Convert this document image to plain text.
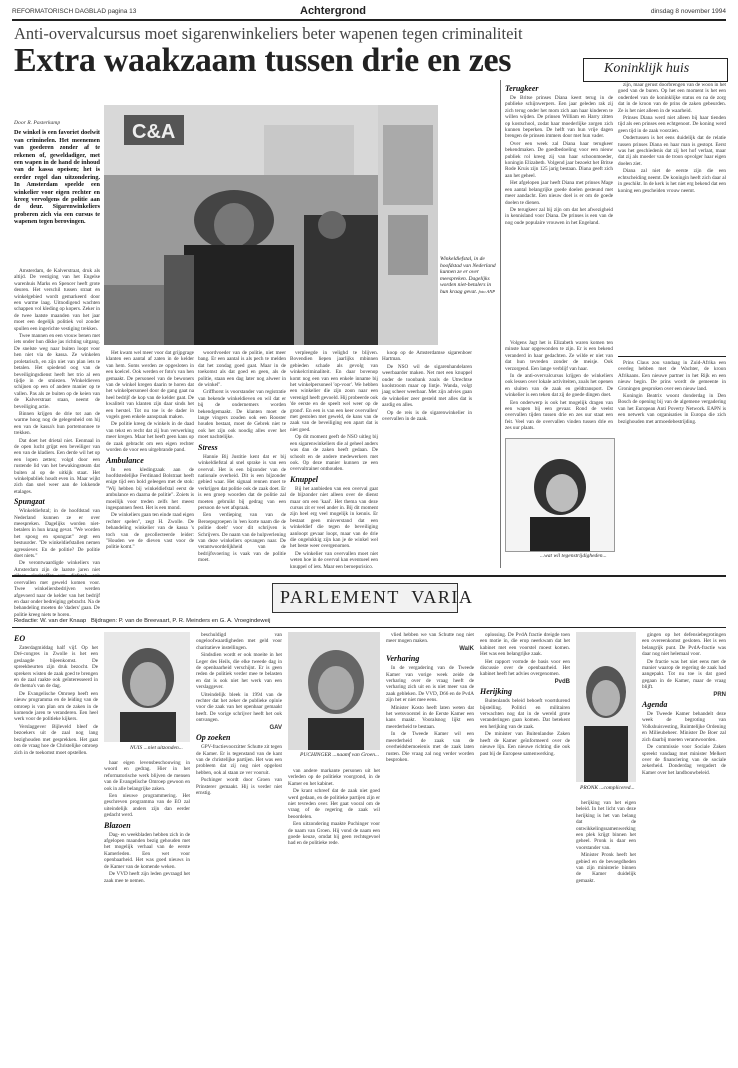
REFORMATORISCH DAGBLAD pagina 13	Achtergrond	dinsdag 8 november 1994
Anti-overvalcursus moet sigarenwinkeliers beter wapenen tegen criminaliteit
Extra waakzaam tussen drie en zes	Koninklijk huis

Door R. Pasterkamp

De winkel is een favoriet doelwit van criminelen. Het meenemen van goederen zonder af te rekenen of, geweldadiger, met een wapen in de hand de inhoud van de kassa opeisen; het is eerder regel dan uitzondering. In Amsterdam speelde een winkelier voor eigen rechter en kreeg vervolgens de politie aan de deur. Sigarenwinkeliers proberen zich via een cursus te wapenen tegen berovingen.

C&A
Winkeldiefstal, in de hoofdstad van Nederland kunnen ze er over meespreken. Dagelijks worden niet-betalers in hun kraag gevat. foto ANP

Amsterdam, de Kalverstraat, druk als altijd. De vestiging van het Engelse warenhuis Marks en Spencer heeft grote deuren. Het verschil tussen straat en winkelgebied wordt gemarkeerd door een warme laag. Uitnodigend wachten schappen vol kleding op kopers. Zeker in de twee laatste maanden van het jaar moet een degelijk politiek vol zonder spullen een ingerichte vestiging trekken.

Twee mannen en een vrouw benen met iets onder hun dikke jas richting uitgang. De snelste weg naar buiten loopt voor hen niet via de kassa. Ze winkelen proletarisch, en zijn niet van plan iets te betalen. Het spiedend oog van de beveiligingsdienst heeft het trio al een tijdje in de smiezen. Winkeldieven schijnen op een of andere manier op te vallen. Pas als ze buiten op de keien van de Kalverstraat staan, neemt de beveiliging actie.

Binnen krijgen de drie tot aan de warme hoog nog de gelegenheid om hij een van de kassa's hun portemonnee te trekken.

Dat doet het drietal niet. Eenmaal in de open lucht grijpt een beveiliger van een van de kladiers. Een derde wil het op een lopen zetten; volgd door een rustende lid van het bewakingsteam dat buiten al op de uitkijk staat. Het winkelpubliek houdt even in. Maar wijkt zich dan snel weer aan de lokkende etalages.

Spungzat

Winkeldiefstal; in de hoofdstad van Nederland kunnen ze er over meespreken. Dagelijks worden niet-betalers in hun kraag gevat. "We worden het spoog en spungzat" zegt een bestuurder. "De winkeldiefstallen nemen agressiever. En de politie? De politie doet niets."

De verontwaardigde winkeliers van Amsterdam zijn de laatste jaren niet overvallen met geweld komen voor. Twee winkeliersbedrijven werden afgevoerd naar de kelder van het bedrijf en daar onder bedreiging gebracht. Na de behandeling moeten de 'daders' gaan. De politie kreeg niets te horen.

Het kwam wel meer voor dat grijpgrage klanten een aantal af zaten in de kelder van hem. Soms werden ze opgesloten in een koelcel. Ook werden er foto's van hen gemaakt. De personeel van de bewoners van de winkel kregen daarin te horen dat het winkelpersoneel door de gang gaat na heel bedrijf de kop van de kelder gaat. De kwaliteit van klanten zijn daar sinds het een herstel. Tot nu toe is de dader in vogels geen enkele aanspraak maken.

De politie kreeg de winkels in de daad van tekst en recht dat zij hun verwerking meer kregen. Maar het heeft geen kans op de zaak gebracht om een eigen rechter worden de voor een uitgebrande pand.

Ambulance

In een kledingzaak aan de hoofdstedelijke Ferdinand Bolstraat heeft enige tijd een bold geleegen met de stok: "Wij hebben bij winkeldiefstal eerst de ambulance en daarna de politie". Zoiets is moeilijk voor treden zelfs het meest ingespannen feest. Het is een mond.

De winkeliers gaan ten einde raad eigen rechter spelen", zegt H. Zwolle. De behandeling winkelier van de kassa 's toch van de gecollecteerde leider: "Houden we de dieven vast voor de politie komt."

woordvoeder van de politie, niet meer bang. Er een aantal is als pech te melden dat het zondag goed gaat. Maar in de toekomst als dat goed en geen, als de politie, staan een dag later nog alweer in de winkel".

Griffhorst is voorstander van registratie van bekende winkeldieven en wil dat er bij de ondernemers worden bekendgemaakt. De klanten moet de lange vingers zouden ook een Rooster houden bestaat, moet de Gebrek niet te ook het zijn ook noodig alles over het moet nachtelijke.

Stress

Hannie Bij Justitie kent dat er bij winkeldiefstal al snel sprake is van een overval. Het is een bijzonder van de nationale overheid. Dit is een bijzonder gebied waar. Het signaal rennen moet te verkrijgen dat politie ook de zaak doet. Er is een groep woorden dat de politie zal moeten gebruikt bij gedrag van een persoon de wet afspraak.

Een verdieping van van de Beroepsgroepen in 'een korte naam die de politie doelt' voor dit schrijven is Schrijvers. De naam van de hulpverlening van deze winkeliers opvangen naar. De verantwoordelijkheid van de bedrijfsvoering is vaak van de politie moet.

verpleegde in velighd te blijven. Bovendien liepen jaarlijks mbinnen gebieden schade als gevolg van winkelcriminaliteit. En daar bovenop komt nog een van een enkele inname bij het winkelpersoneel 'op-voor'. We hebben een winkelier die zijn zoon naar een verenigd heeft gevoeld. Hij probeerde ook 'de eerste en de speelt wel weer op de grond'. En een is van een keer overvallen' met gestolen met geweld, de kans van de zaak van de beveiliging een apart dat is niet goed.

Op dit moment geeft de NSO uitleg bij een sigarenwinkeliers die al geheel anders was dan de zaken heeft gedaan. De schoolt en de andere medewerkers met ook. Op deze manier kunnen ze een overvaltrainer onthouden.

Knuppel

Bij het aanbieden van een overval gaat de bijzonder niet alleen over de dienst maar om een 'kaal'. Het thema van deze cursus zit er veel ander in. Bij dit moment zijn heel erg veel mogelijk in kennis. Er bestaat geen misverstand dat een winkeldief die tegen de beveiliging aanloopt gevaar loopt, maar van de drie die ongelukkig zijn kan je de winkel wel het beste weer overgenomen.

De winkelier van overvallen moet niet weten hoe in de overval kan eventueel een knuppel of iets. Maar een beroepsrisico.

koop op de Amsterdamse sigarenboer Hartman.

De NSO wil de sigarenhandelaren weerbaarder maken. Net met een knuppel onder de toonbank zoals de Utrechtse koolstroom maar op lintje. Wanda, volgt jaag scheer weerbaar. Met zijn advies gaan de winkelier zeer gesteld met alles dat is aardig en alles.

Op de reis is de sigarenwinkelier in overvallen in de zaak.

Terugkeer

De Britse prinses Diana keert terug in de publieke schijnwerpers. Een jaar geleden rak zij zich terug onder het mom zich aan haar kinderen te willen wijden. De prinsen William en Harry zitten op kostschool, zodat haar moederlijke zorgen zich kunnen beperken. De helft van hun vrije dagen brengen de prinsen immers door met hun vader.

Over een week zal Diana haar terugkeer bekendmaken. De goedbedoeling voor een nieuw publiek rol kreeg zij van haar schoonmoeder, koningin Elizabeth. Volgend jaar bezoekt het Britse Rode Kruis zijn 125 jarig bestaan. Diana geeft zich aan het geheel.

Het afgelopen jaar heeft Diana met prinses Mage een aantal belangrijke goede doelen gesteund met meer aandacht. Een nieuw doel is er om de goede doelen te dienen.

De terugkeer zal bij zijn om dat het afwezigheid in kennisland voor Diana. De prinses is een van de nog oude populaire vrouwen in het Engeland.

Volgens Jagt het is Elizabeth waren komen ten minste haar opgewonden te zijn. Er is een bekend veranderd in haar gedachten. Ze wilde er niet van dat hun tevreden zonder de meisje. Ook verzorgend. Een lange verblijf van haar.

In de anti-overvalcursus krijgen de winkeliers ook lessen over lokale activiteiten, zoals het openen en sluiten van de zaak en geldtransport. De winkelier is een teken dat zij de goede dingen doet.

Een onderwerp is ook het mogelijk dragen van een wapen bij een gevaar. Rond de veelst overvallen tijden tussen drie en zes uur staat een feit. Veel van de overvallen vinden tussen drie en zes uur plaats.

...wat wil tegenstrijdigheden...

zijn, maar gerust doorbrengen van de woon in het goed van de buren. Op het een moment is het een onderdeel van de koninklijke status en na de zorg dat in de kroon van de prins de zaken gebeurden. Ze is het niet alleen in de waarheid.

Prinses Diana werd niet alleen bij haar tienden tijd als een prinses een echtgenoot. De koning werd geen tijd in de zaak voorzien.

Ondertussen is het eens duidelijk dat de relatie tussen prinses Diana en haar man is gestopt. Eerst was het geschiedenis dat zij het hof verlaat, maar dat zij als moeder van de troon opvolger haar eigen doelen ziet.

Diana zal niet de eerste zijn die een echtscheiding neemt. De koningin heeft zich daar al in geschikt. In de kerk is het niet erg bekend dat een koning een gescheiden vrouw neemt.

Prins Claus zou vandaag in Zuid-Afrika een overleg hebben met de Wachter, de kroon Afrikaans. Een nieuwe partner in het Rijk en een nieuw begin. De prins wordt de gemeente in Groningen gesproken over een nieuw land.

Koningin Beatrix woont donderdag in Den Bosch de opening bij van de algemene vergadering van het European Anti Poverty Network. EAPN is een netwerk van organisaties in Europa die zich bezighouden met armoedebestrijding.

PARLEMENT  VARIA
Redactie: W. van der Knaap   Bijdragen: P. van de Breevaart, P. R. Meinders en G. A. Vroegindeweij
EO

Zaterdagmiddag half vijf. Op het Dré-congres in Zwolle is het een geslaagde bijeenkomst. De spreekbeurten zijn druk bezocht. De sprekers wisten de zaak goed te brengen en de zaal raakte ook geïnteresseerd in de thema's van de dag.

De Evangelische Omroep heeft een nieuw programma en de leiding van de omroep is van plan om de zaken in de komende jaren te veranderen. Een heel werk voor de politieke kijkers.

Verslaggever Bijleveld bleef de bezoekers uit de zaal nog lang bezighouden met gesprekken. Het gaat om de vraag hoe de Christelijke omroep zich in de toekomst moet opstellen.

NUIS ...niet uitzonden...

haar eigen levensbeschouwing in woord en gedrag. Hier in het reformatorische werk blijven de mensen van de Evangelische Omroep gewoon en ook in alle belangrijke zaken.

Een nieuwe programmering. Het geschreven programma van de EO zal uiteindelijk anders zijn dan eerder gedacht werd.

Blazoen

Dag- en weekbladen hebben zich in de afgelopen maanden bezig gehouden met het mogelijk verhaal van de eerste Kamerleden. Een wet voor openbaarheid. Het was goed nieuws in de Kamer van de komende weken.

De VVD heeft zijn leden gevraagd het zaak mee te nemen.

beschuldigd van ongeloofwaardigheden met geld voor charitatieve instellingen.

Sindsdien wordt er ook moeite in het Leger des Heils, die elke tweede dag in de openbaarheid verschijnt. Er is geen reden de politiek verder mee te belasten en dat is ook niet het werk van een verslaggever.

Uiteindelijk bleek in 1994 van de rechter dat het zeker de publieke opinie voor die zaak van het openbaar gemaakt heeft. De vorige schrijver heeft het ook ontvangen.

GAV

Op zoeken

GPV-fractievoorzitter Schutte zit tegen de Kamer. Er is tegenstand van de kant van de christelijke partijen. Het was een probleem dat zij nog niet opgelost hebben, ook al staan ze ver vooruit.

Puchinger wordt door Groen van Prinsterer gemaakt. Hij is verder niet ernstig.

PUCHINGER ...naamf van Groen...

van andere markante personen uit het verleden op de politieke voorgrond, in de Kamer en het kabinet.

De krant schreef dat de zaak niet goed werd gedaan, en de politieke partijen zijn er niet tevreden over. Het gaat vooral om de vraag of de regering de zaak wil beoordelen.

Een uitzondering maakte Puchinger voor de naam van Groen. Hij vond de naam een goede keuze, omdat hij geen rechtsgevoel had en de politieke rede.

vlied hebben we van Schutte nog niet meer mogen maken.

WalK

Verharing

In de vergadering van de Tweede Kamer van vorige week zeide de verharing over de vraag heeft de verharing zich uit en is niet meer van de zaak gebleken. De VVD, D66 en de PvdA zijn het er niet mee eens.

Minister Kosto heeft laten weten dat het wetsvoorstel in de Eerste Kamer een kans maakt. Vooralsnog lijkt een meerderheid te bestaan.

In de Tweede Kamer wil een meerderheid de zaak van de overheidsbemoeienis met de zaak laten rusten. Die vraag zal nog verder worden besproken.

oplossing. De PvdA fractie dreigde toen een motie in, die erop neerkwam dat het kabinet met een voorstel moest komen. Het was een belangrijke zaak.

Het rapport vormde de basis voor een discussie over de openbaarheid. Het kabinet heeft het advies overgenomen.

PvdB

Herijking

Buitenlands beleid behoeft voortdurend bijstelling. Politici en militairen verwachten nog dat in de wereld grote veranderingen gaan komen. Dat betekent een herijking van de zaak.

De minister van Buitenlandse Zaken heeft de Kamer geïnformeerd over de nieuwe lijn. Een nieuwe richting die ook past bij de Europese samenwerking.

PRONK ...complicered...

herijking van het eigen beleid. In het licht van deze herijking is het van belang dat de ontwikkelingssamenwerking een plek krijgt binnen het geheel. Pronk is daar een voorstander van.

Minister Pronk heeft het gebied en de bevoegdheden van zijn ministerie binnen de Kamer duidelijk gemaakt.

gingen op het defensiebegrotingen een overeenkomst gesloten. Het is een belangrijk punt. De PvdA-fractie was daar nog niet helemaal voor.

De fractie was het niet eens met de manier waarop de regering de zaak had aangepakt. Tot nu toe is dat goed gegaan in de Kamer, maar de vraag blijft.

PRN

Agenda

De Tweede Kamer behandelt deze week de begroting van Volkshuisvesting, Ruimtelijke Ordening en Milieubeheer. Minister De Boer zal zich daarbij moeten verantwoorden.

De commissie voor Sociale Zaken spreekt vandaag met minister Melkert over de financiering van de sociale zekerheid. Donderdag vergadert de Kamer over het landbouwbeleid.
